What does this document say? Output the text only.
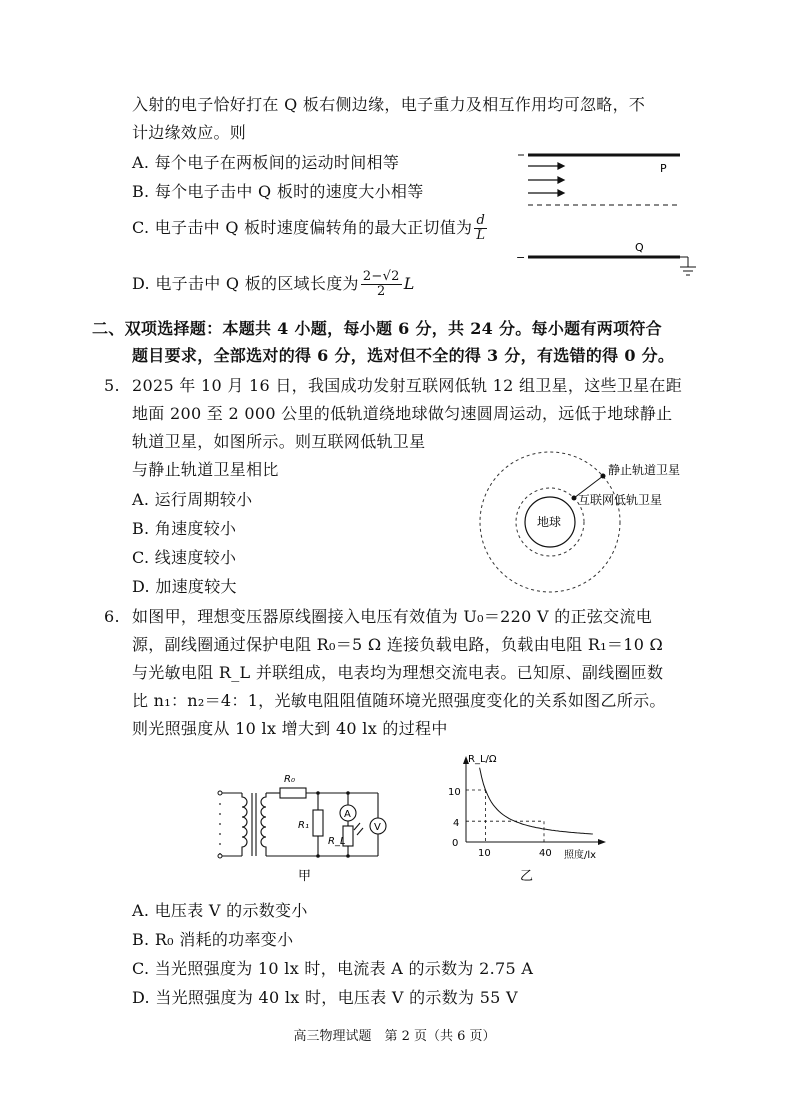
入射的电子恰好打在 Q 板右侧边缘，电子重力及相互作用均可忽略，不
计边缘效应。则
A. 每个电子在两板间的运动时间相等
B. 每个电子击中 Q 板时的速度大小相等
C. 电子击中 Q 板时速度偏转角的最大正切值为 $\frac{d}{L}$
D. 电子击中 Q 板的区域长度为 $\frac{2-√2}{2}$ L
P
Q
−
二、双项选择题：本题共 4 小题，每小题 6 分，共 24 分。每小题有两项符合
题目要求，全部选对的得 6 分，选对但不全的得 3 分，有选错的得 0 分。
5. 2025 年 10 月 16 日，我国成功发射互联网低轨 12 组卫星，这些卫星在距
地面 200 至 2 000 公里的低轨道绕地球做匀速圆周运动，远低于地球静止
轨道卫星，如图所示。则互联网低轨卫星
与静止轨道卫星相比
A. 运行周期较小
B. 角速度较小
C. 线速度较小
D. 加速度较大
地球
静止轨道卫星
互联网低轨卫星
6. 如图甲，理想变压器原线圈接入电压有效值为 U₀＝220 V 的正弦交流电
源，副线圈通过保护电阻 R₀＝5 Ω 连接负载电路，负载由电阻 R₁＝10 Ω
与光敏电阻 R_L 并联组成，电表均为理想交流电表。已知原、副线圈匝数
比 n₁：n₂＝4：1，光敏电阻阻值随环境光照强度变化的关系如图乙所示。
则光照强度从 10 lx 增大到 40 lx 的过程中
R₀
R₁
R_L
A
V
甲
R_L/Ω
10
4
0
10	40 照度/lx
乙
A. 电压表 V 的示数变小
B. R₀ 消耗的功率变小
C. 当光照强度为 10 lx 时，电流表 A 的示数为 2.75 A
D. 当光照强度为 40 lx 时，电压表 V 的示数为 55 V
高三物理试题　第 2 页（共 6 页）
